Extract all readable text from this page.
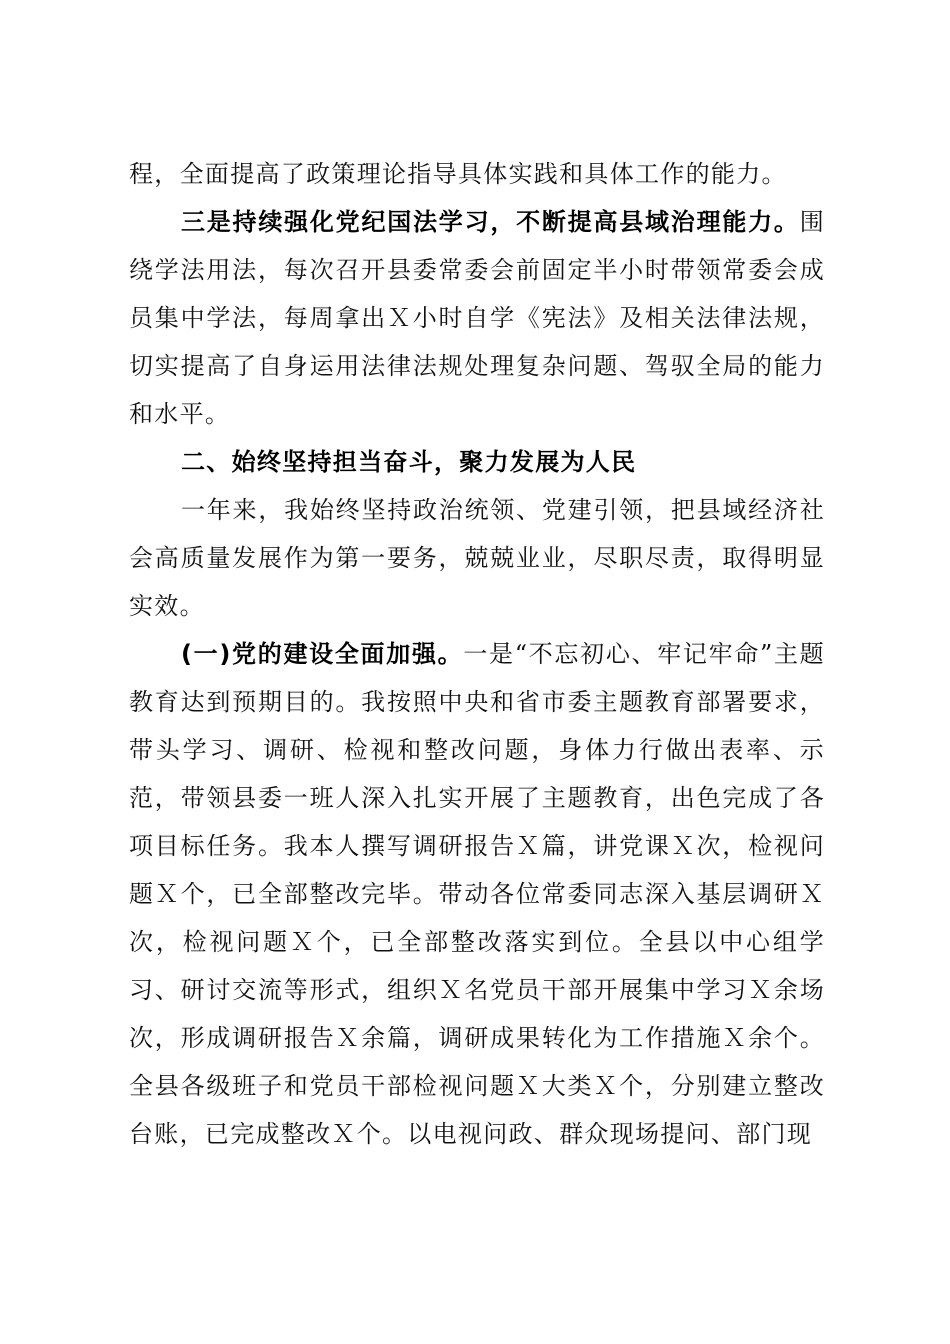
程，全面提高了政策理论指导具体实践和具体工作的能力。

三是持续强化党纪国法学习，不断提高县域治理能力。围绕学法用法，每次召开县委常委会前固定半小时带领常委会成员集中学法，每周拿出Ｘ小时自学《宪法》及相关法律法规，切实提高了自身运用法律法规处理复杂问题、驾驭全局的能力和水平。

二、始终坚持担当奋斗，聚力发展为人民

一年来，我始终坚持政治统领、党建引领，把县域经济社会高质量发展作为第一要务，兢兢业业，尽职尽责，取得明显实效。

(一)党的建设全面加强。一是“不忘初心、牢记牢命”主题教育达到预期目的。我按照中央和省市委主题教育部署要求，带头学习、调研、检视和整改问题，身体力行做出表率、示范，带领县委一班人深入扎实开展了主题教育，出色完成了各项目标任务。我本人撰写调研报告Ｘ篇，讲党课Ｘ次，检视问题Ｘ个，已全部整改完毕。带动各位常委同志深入基层调研Ｘ次，检视问题Ｘ个，已全部整改落实到位。全县以中心组学习、研讨交流等形式，组织Ｘ名党员干部开展集中学习Ｘ余场次，形成调研报告Ｘ余篇，调研成果转化为工作措施Ｘ余个。全县各级班子和党员干部检视问题Ｘ大类Ｘ个，分别建立整改台账，已完成整改Ｘ个。以电视问政、群众现场提问、部门现
